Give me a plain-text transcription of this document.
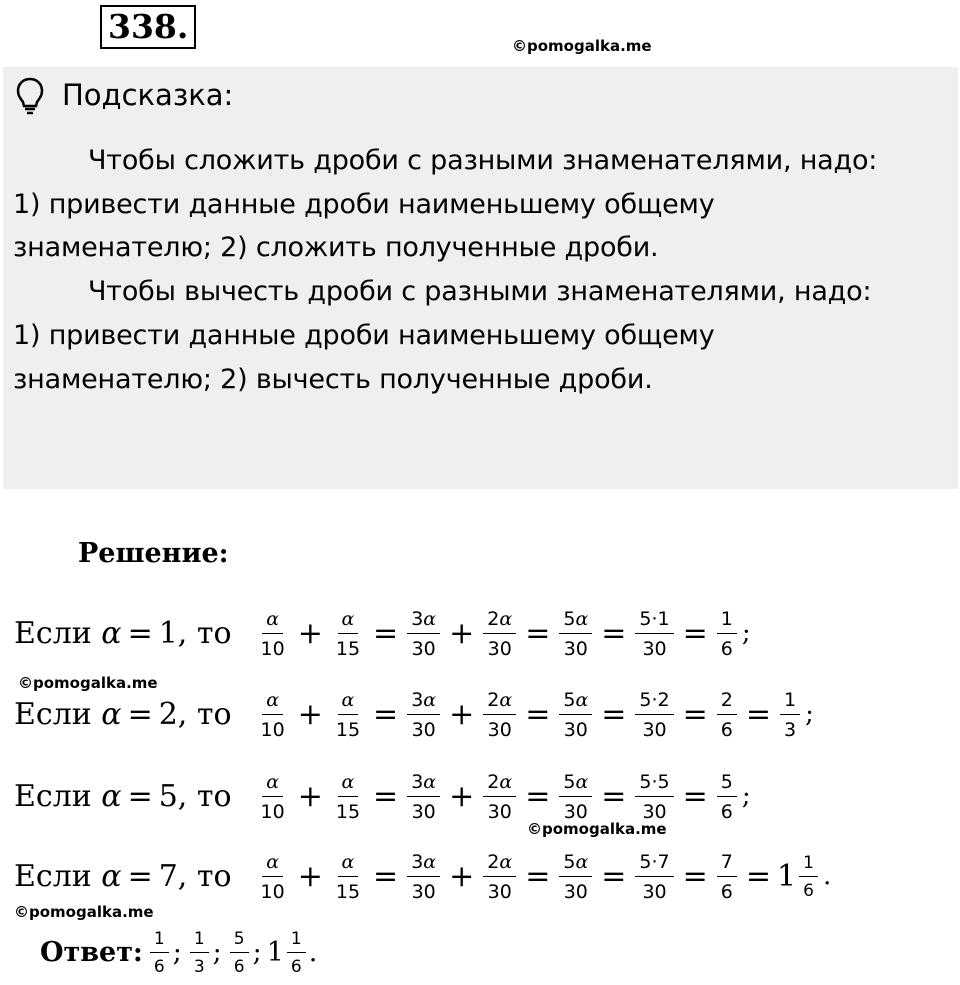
338.	©pomogalka.me
Подсказка:
Чтобы сложить дроби с разными знаменателями, надо:
1) привести данные дроби наименьшему общему
знаменателю; 2) сложить полученные дроби.
Чтобы вычесть дроби с разными знаменателями, надо:
1) привести данные дроби наименьшему общему
знаменателю; 2) вычесть полученные дроби.
Решение:
Если α = 1, то $\frac{\alpha}{10} + \frac{\alpha}{15} = \frac{3\alpha}{30} + \frac{2\alpha}{30} = \frac{5\alpha}{30} = \frac{5\cdot 1}{30} = \frac{1}{6}$ ;
Если α = 2, то $\frac{\alpha}{10} + \frac{\alpha}{15} = \frac{3\alpha}{30} + \frac{2\alpha}{30} = \frac{5\alpha}{30} = \frac{5\cdot 2}{30} = \frac{2}{6} = \frac{1}{3}$ ;
Если α = 5, то $\frac{\alpha}{10} + \frac{\alpha}{15} = \frac{3\alpha}{30} + \frac{2\alpha}{30} = \frac{5\alpha}{30} = \frac{5\cdot 5}{30} = \frac{5}{6}$ ;
Если α = 7, то $\frac{\alpha}{10} + \frac{\alpha}{15} = \frac{3\alpha}{30} + \frac{2\alpha}{30} = \frac{5\alpha}{30} = \frac{5\cdot 7}{30} = \frac{7}{6} = 1 \frac{1}{6}$ .
©pomogalka.me
©pomogalka.me
©pomogalka.me
Ответ: $\frac{1}{6}$ ; $\frac{1}{3}$ ; $\frac{5}{6}$ ; $1 \frac{1}{6}$ .
